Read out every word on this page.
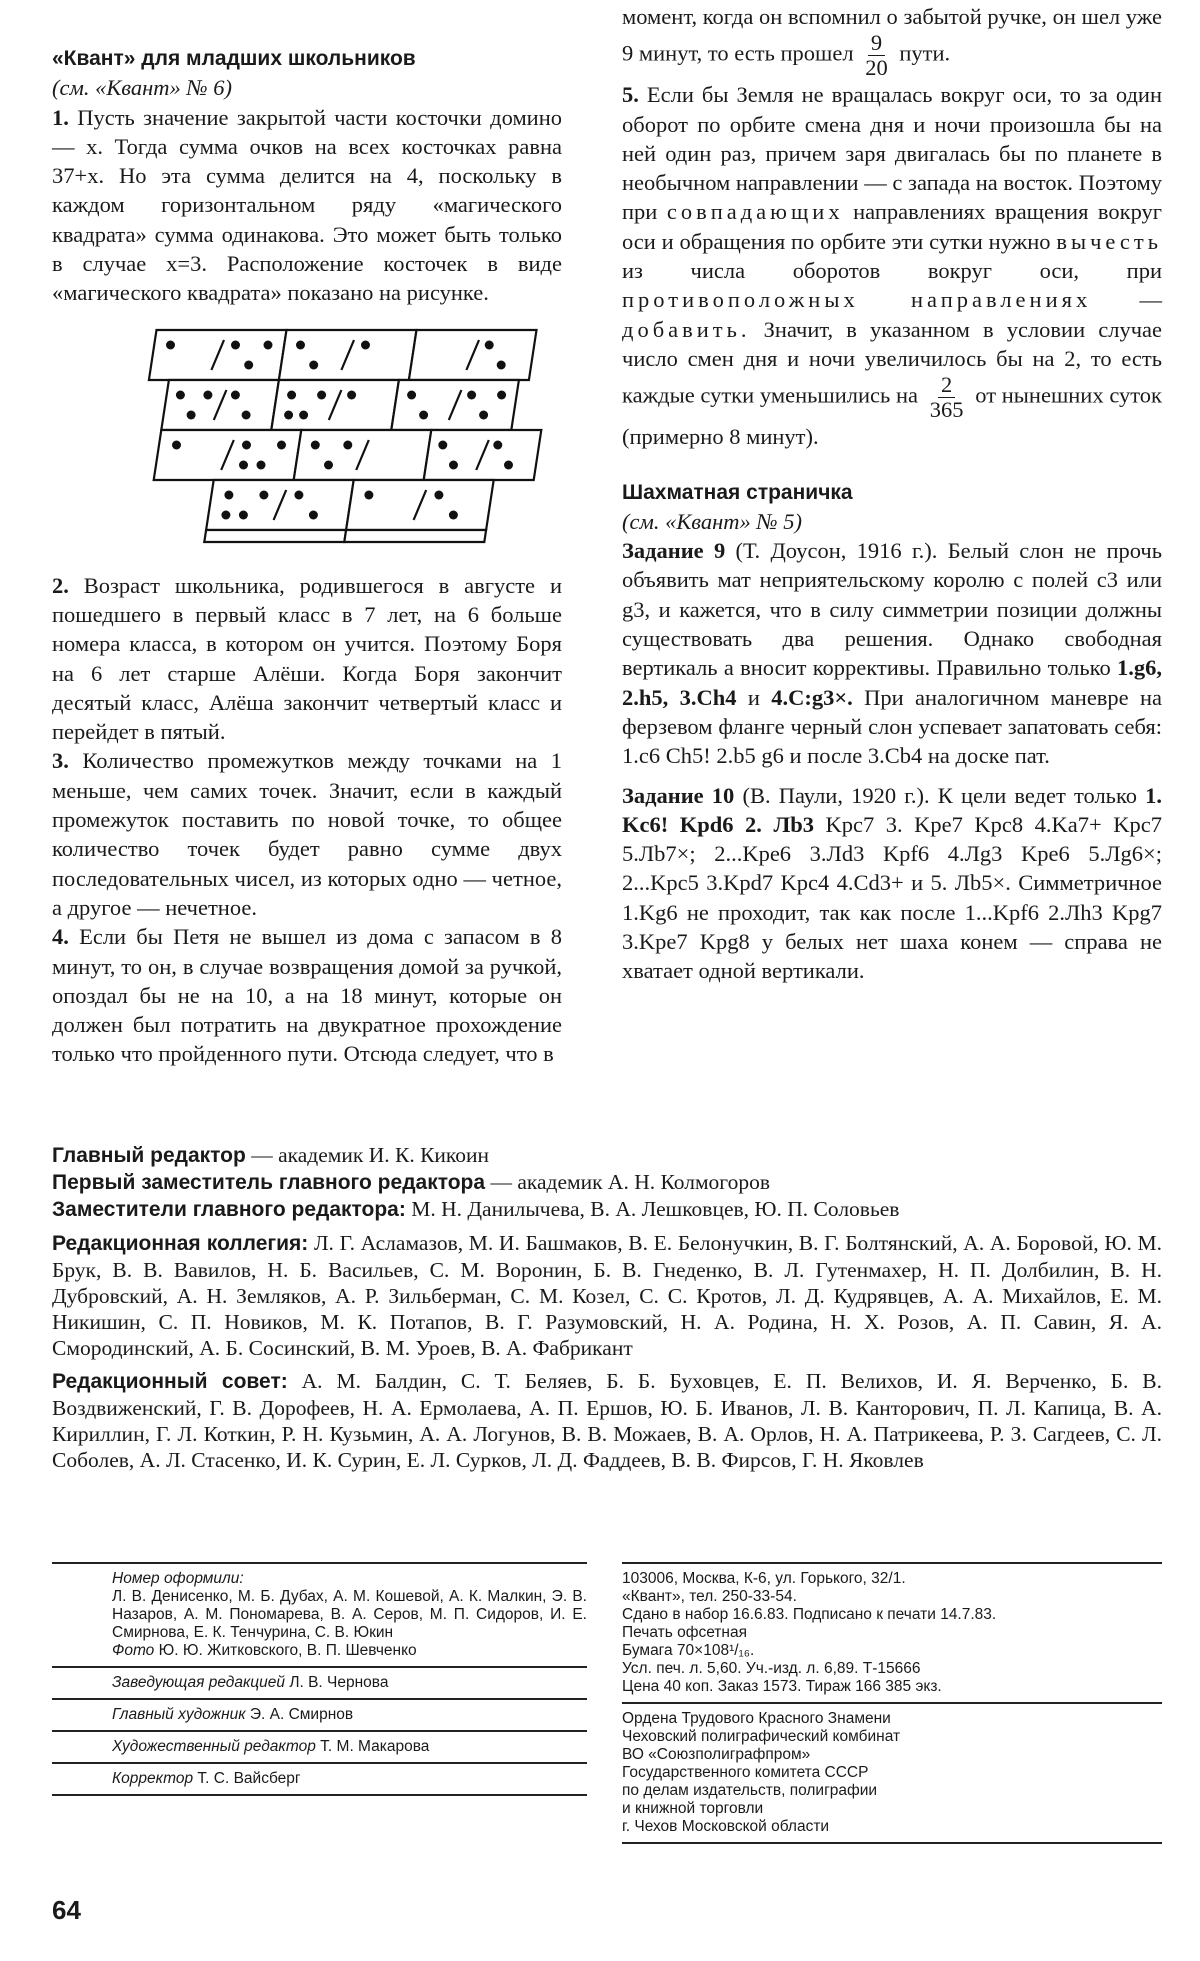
«Квант» для младших школьников
(см. «Квант» № 6)

1. Пусть значение закрытой части косточки домино — x. Тогда сумма очков на всех косточках равна 37+x. Но эта сумма делится на 4, поскольку в каждом горизонтальном ряду «магического квадрата» сумма одинакова. Это может быть только в случае x=3. Расположение косточек в виде «магического квадрата» показано на рисунке.

2. Возраст школьника, родившегося в августе и пошедшего в первый класс в 7 лет, на 6 больше номера класса, в котором он учится. Поэтому Боря на 6 лет старше Алёши. Когда Боря закончит десятый класс, Алёша закончит четвертый класс и перейдет в пятый.

3. Количество промежутков между точками на 1 меньше, чем самих точек. Значит, если в каждый промежуток поставить по новой точке, то общее количество точек будет равно сумме двух последовательных чисел, из которых одно — четное, а другое — нечетное.

4. Если бы Петя не вышел из дома с запасом в 8 минут, то он, в случае возвращения домой за ручкой, опоздал бы не на 10, а на 18 минут, которые он должен был потратить на двукратное прохождение только что пройденного пути. Отсюда следует, что в

момент, когда он вспомнил о забытой ручке, он шел уже 9 минут, то есть прошел $\frac{9}{20}$ пути.

5. Если бы Земля не вращалась вокруг оси, то за один оборот по орбите смена дня и ночи произошла бы на ней один раз, причем заря двигалась бы по планете в необычном направлении — с запада на восток. Поэтому при совпадающих направлениях вращения вокруг оси и обращения по орбите эти сутки нужно вычесть из числа оборотов вокруг оси, при противоположных направлениях — добавить. Значит, в указанном в условии случае число смен дня и ночи увеличилось бы на 2, то есть каждые сутки уменьшились на $\frac{2}{365}$ от нынешних суток (примерно 8 минут).

Шахматная страничка
(см. «Квант» № 5)

Задание 9 (Т. Доусон, 1916 г.). Белый слон не прочь объявить мат неприятельскому королю с полей c3 или g3, и кажется, что в силу симметрии позиции должны существовать два решения. Однако свободная вертикаль а вносит коррективы. Правильно только 1.g6, 2.h5, 3.Ch4 и 4.C:g3×. При аналогичном маневре на ферзевом фланге черный слон успевает запатовать себя: 1.c6 Ch5! 2.b5 g6 и после 3.Cb4 на доске пат.

Задание 10 (В. Паули, 1920 г.). К цели ведет только 1. Kc6! Kpd6 2. Лb3 Kpc7 3. Kpe7 Kpc8 4.Ka7+ Kpc7 5.Лb7×; 2...Kpe6 3.Лd3 Kpf6 4.Лg3 Kpe6 5.Лg6×; 2...Kpc5 3.Kpd7 Kpc4 4.Cd3+ и 5. Лb5×. Симметричное 1.Kg6 не проходит, так как после 1...Kpf6 2.Лh3 Kpg7 3.Kpe7 Kpg8 у белых нет шаха конем — справа не хватает одной вертикали.

Главный редактор — академик И. К. Кикоин
Первый заместитель главного редактора — академик А. Н. Колмогоров
Заместители главного редактора: М. Н. Данилычева, В. А. Лешковцев, Ю. П. Соловьев
Редакционная коллегия: Л. Г. Асламазов, М. И. Башмаков, В. Е. Белонучкин, В. Г. Болтянский, А. А. Боровой, Ю. М. Брук, В. В. Вавилов, Н. Б. Васильев, С. М. Воронин, Б. В. Гнеденко, В. Л. Гутенмахер, Н. П. Долбилин, В. Н. Дубровский, А. Н. Земляков, А. Р. Зильберман, С. М. Козел, С. С. Кротов, Л. Д. Кудрявцев, А. А. Михайлов, Е. М. Никишин, С. П. Новиков, М. К. Потапов, В. Г. Разумовский, Н. А. Родина, Н. Х. Розов, А. П. Савин, Я. А. Смородинский, А. Б. Сосинский, В. М. Уроев, В. А. Фабрикант
Редакционный совет: А. М. Балдин, С. Т. Беляев, Б. Б. Буховцев, Е. П. Велихов, И. Я. Верченко, Б. В. Воздвиженский, Г. В. Дорофеев, Н. А. Ермолаева, А. П. Ершов, Ю. Б. Иванов, Л. В. Канторович, П. Л. Капица, В. А. Кириллин, Г. Л. Коткин, Р. Н. Кузьмин, А. А. Логунов, В. В. Можаев, В. А. Орлов, Н. А. Патрикеева, Р. З. Сагдеев, С. Л. Соболев, А. Л. Стасенко, И. К. Сурин, Е. Л. Сурков, Л. Д. Фаддеев, В. В. Фирсов, Г. Н. Яковлев
Номер оформили:
Л. В. Денисенко, М. Б. Дубах, А. М. Кошевой, А. К. Малкин, Э. В. Назаров, А. М. Пономарева, В. А. Серов, М. П. Сидоров, И. Е. Смирнова, Е. К. Тенчурина, С. В. Юкин
Фото Ю. Ю. Житковского, В. П. Шевченко
Заведующая редакцией Л. В. Чернова
Главный художник Э. А. Смирнов
Художественный редактор Т. М. Макарова
Корректор Т. С. Вайсберг
103006, Москва, К-6, ул. Горького, 32/1.
«Квант», тел. 250-33-54.
Сдано в набор 16.6.83. Подписано к печати 14.7.83.
Печать офсетная
Бумага 70×108¹/₁₆.
Усл. печ. л. 5,60. Уч.-изд. л. 6,89. Т-15666
Цена 40 коп. Заказ 1573. Тираж 166 385 экз.
Ордена Трудового Красного Знамени
Чеховский полиграфический комбинат
ВО «Союзполиграфпром»
Государственного комитета СССР
по делам издательств, полиграфии
и книжной торговли
г. Чехов Московской области
64
